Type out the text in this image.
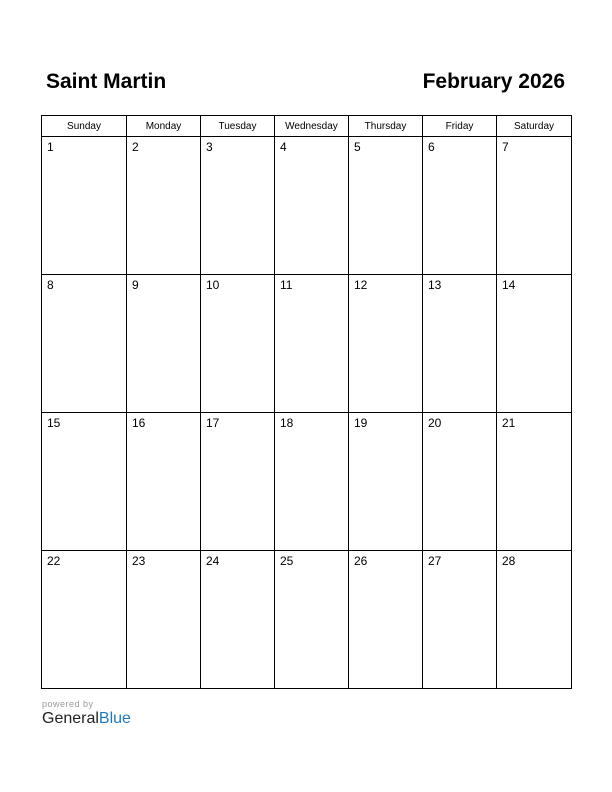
Saint Martin	February 2026
Sunday	Monday	Tuesday	Wednesday	Thursday	Friday	Saturday

1	2	3	4	5	6	7

8	9	10	11	12	13	14

15	16	17	18	19	20	21

22	23	24	25	26	27	28
powered by
GeneralBlue
